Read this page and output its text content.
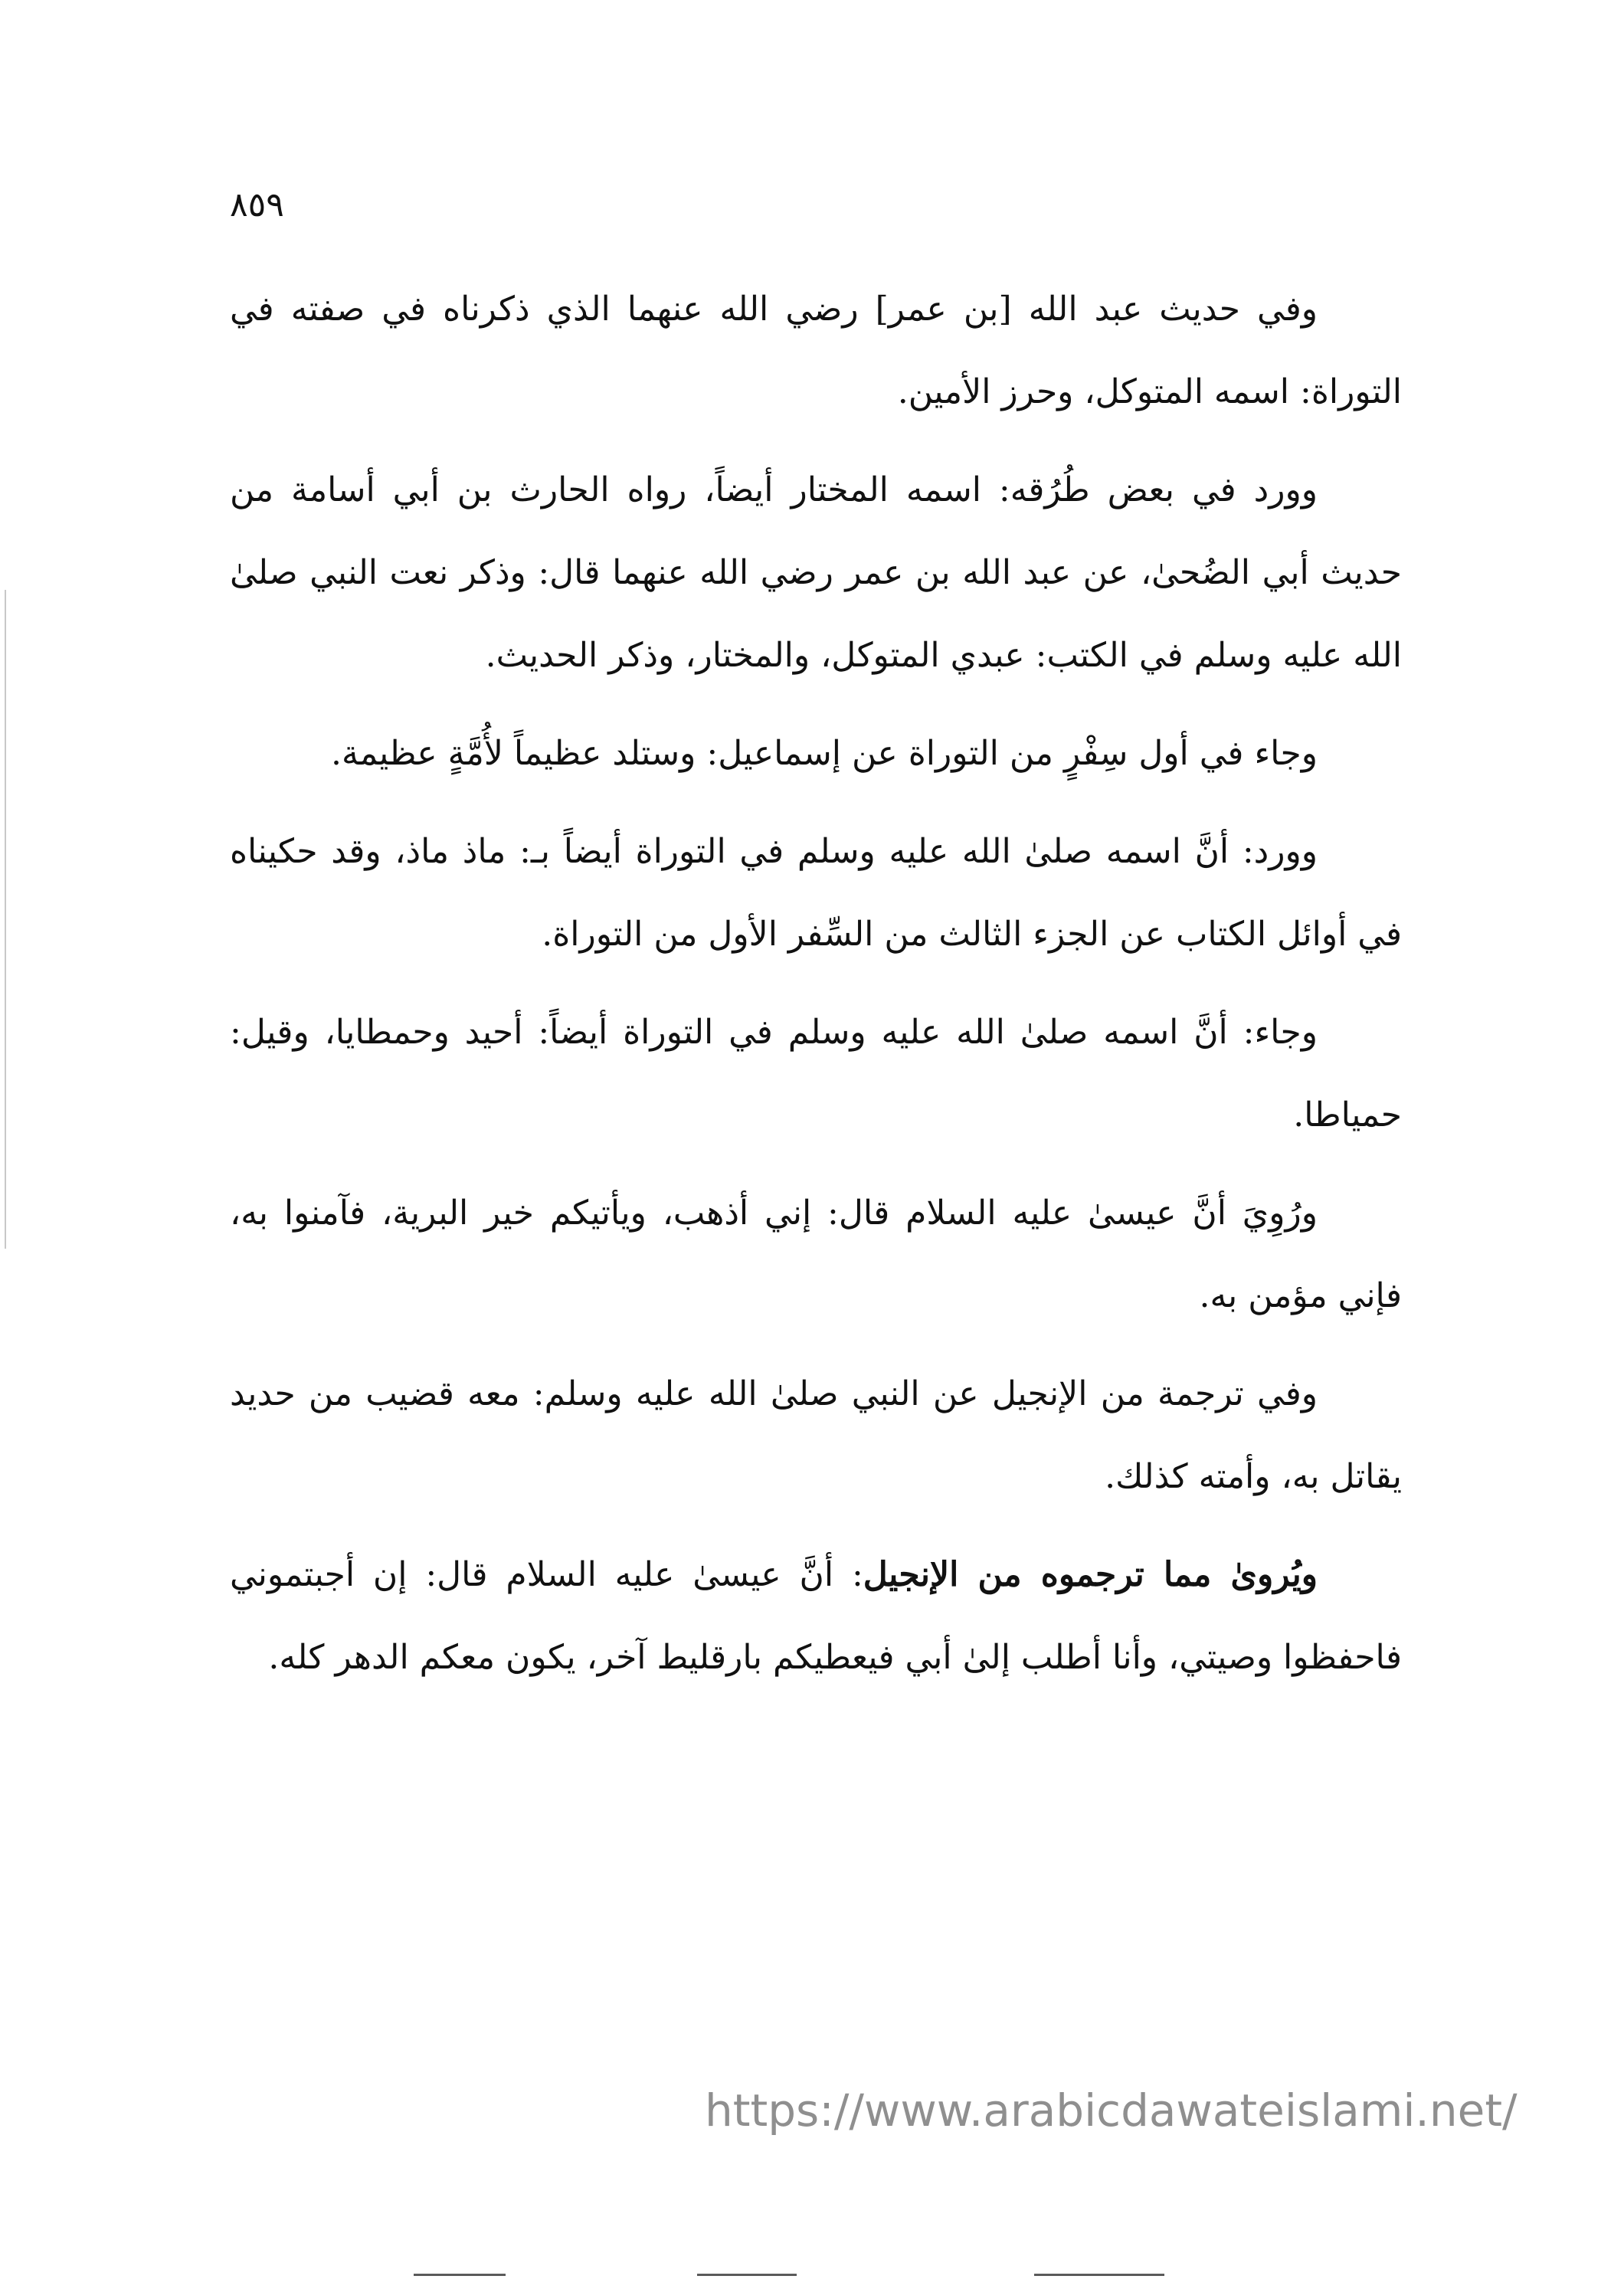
٨٥٩

وفي حديث عبد الله [بن عمر] رضي الله عنهما الذي ذكرناه في صفته في التوراة: اسمه المتوكل، وحرز الأمين.

وورد في بعض طُرُقه: اسمه المختار أيضاً، رواه الحارث بن أبي أسامة من حديث أبي الضُحىٰ، عن عبد الله بن عمر رضي الله عنهما قال: وذكر نعت النبي صلىٰ الله عليه وسلم في الكتب: عبدي المتوكل، والمختار، وذكر الحديث.

وجاء في أول سِفْرٍ من التوراة عن إسماعيل: وستلد عظيماً لأُمَّةٍ عظيمة.

وورد: أنَّ اسمه صلىٰ الله عليه وسلم في التوراة أيضاً بـ: ماذ ماذ، وقد حكيناه في أوائل الكتاب عن الجزء الثالث من السِّفر الأول من التوراة.

وجاء: أنَّ اسمه صلىٰ الله عليه وسلم في التوراة أيضاً: أحيد وحمطايا، وقيل: حمياطا.

ورُوِيَ أنَّ عيسىٰ عليه السلام قال: إني أذهب، ويأتيكم خير البرية، فآمنوا به، فإني مؤمن به.

وفي ترجمة من الإنجيل عن النبي صلىٰ الله عليه وسلم: معه قضيب من حديد يقاتل به، وأمته كذلك.

ويُروىٰ مما ترجموه من الإنجيل: أنَّ عيسىٰ عليه السلام قال: إن أجبتموني فاحفظوا وصيتي، وأنا أطلب إلىٰ أبي فيعطيكم بارقليط آخر، يكون معكم الدهر كله.

https://www.arabicdawateislami.net/
